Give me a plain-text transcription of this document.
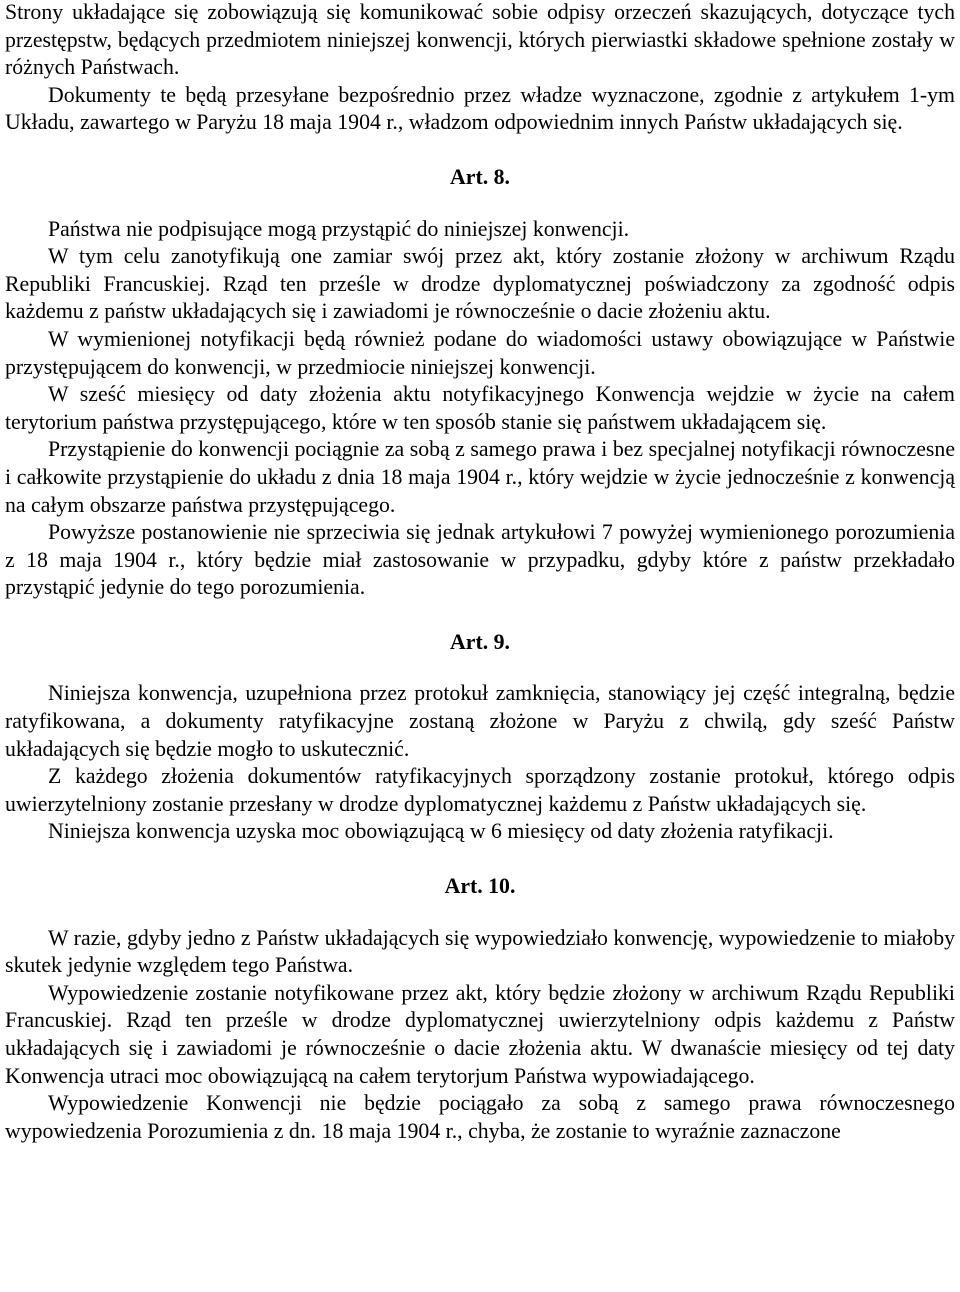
Strony układające się zobowiązują się komunikować sobie odpisy orzeczeń skazujących, dotyczące tych przestępstw, będących przedmiotem niniejszej konwencji, których pierwiastki składowe spełnione zostały w różnych Państwach.

Dokumenty te będą przesyłane bezpośrednio przez władze wyznaczone, zgodnie z artykułem 1-ym Układu, zawartego w Paryżu 18 maja 1904 r., władzom odpowiednim innych Państw układających się.

Art. 8.

Państwa nie podpisujące mogą przystąpić do niniejszej konwencji.

W tym celu zanotyfikują one zamiar swój przez akt, który zostanie złożony w archiwum Rządu Republiki Francuskiej. Rząd ten prześle w drodze dyplomatycznej poświadczony za zgodność odpis każdemu z państw układających się i zawiadomi je równocześnie o dacie złożeniu aktu.

W wymienionej notyfikacji będą również podane do wiadomości ustawy obowiązujące w Państwie przystępującem do konwencji, w przedmiocie niniejszej konwencji.

W sześć miesięcy od daty złożenia aktu notyfikacyjnego Konwencja wejdzie w życie na całem terytorium państwa przystępującego, które w ten sposób stanie się państwem układającem się.

Przystąpienie do konwencji pociągnie za sobą z samego prawa i bez specjalnej notyfikacji równoczesne i całkowite przystąpienie do układu z dnia 18 maja 1904 r., który wejdzie w życie jednocześnie z konwencją na całym obszarze państwa przystępującego.

Powyższe postanowienie nie sprzeciwia się jednak artykułowi 7 powyżej wymienionego porozumienia z 18 maja 1904 r., który będzie miał zastosowanie w przypadku, gdyby które z państw przekładało przystąpić jedynie do tego porozumienia.

Art. 9.

Niniejsza konwencja, uzupełniona przez protokuł zamknięcia, stanowiący jej część integralną, będzie ratyfikowana, a dokumenty ratyfikacyjne zostaną złożone w Paryżu z chwilą, gdy sześć Państw układających się będzie mogło to uskutecznić.

Z każdego złożenia dokumentów ratyfikacyjnych sporządzony zostanie protokuł, którego odpis uwierzytelniony zostanie przesłany w drodze dyplomatycznej każdemu z Państw układających się.

Niniejsza konwencja uzyska moc obowiązującą w 6 miesięcy od daty złożenia ratyfikacji.

Art. 10.

W razie, gdyby jedno z Państw układających się wypowiedziało konwencję, wypowiedzenie to miałoby skutek jedynie względem tego Państwa.

Wypowiedzenie zostanie notyfikowane przez akt, który będzie złożony w archiwum Rządu Republiki Francuskiej. Rząd ten prześle w drodze dyplomatycznej uwierzytelniony odpis każdemu z Państw układających się i zawiadomi je równocześnie o dacie złożenia aktu. W dwanaście miesięcy od tej daty Konwencja utraci moc obowiązującą na całem terytorjum Państwa wypowiadającego.

Wypowiedzenie Konwencji nie będzie pociągało za sobą z samego prawa równoczesnego wypowiedzenia Porozumienia z dn. 18 maja 1904 r., chyba, że zostanie to wyraźnie zaznaczone
